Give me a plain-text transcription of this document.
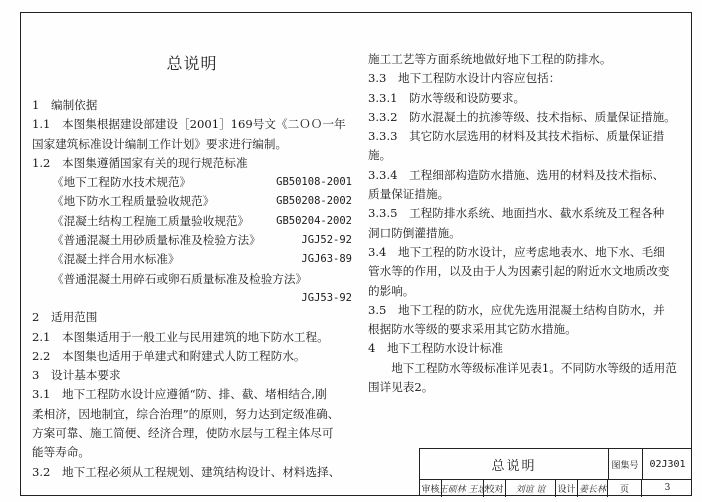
总说明
1　编制依据
1.1　本图集根据建设部建设［2001］169号文《二ＯＯ一年
国家建筑标准设计编制工作计划》要求进行编制。
1.2　本图集遵循国家有关的现行规范标准
《地下工程防水技术规范》	GB50108-2001
《地下防水工程质量验收规范》	GB50208-2002
《混凝土结构工程施工质量验收规范》	GB50204-2002
《普通混凝土用砂质量标准及检验方法》	JGJ52-92
《混凝土拌合用水标准》	JGJ63-89
《普通混凝土用碎石或卵石质量标准及检验方法》
JGJ53-92
2　适用范围
2.1　本图集适用于一般工业与民用建筑的地下防水工程。
2.2　本图集也适用于单建式和附建式人防工程防水。
3　设计基本要求
3.1　地下工程防水设计应遵循“防、排、截、堵相结合,刚
柔相济，因地制宜，综合治理”的原则，努力达到定级准确、
方案可靠、施工简便、经济合理，使防水层与工程主体尽可
能等寿命。
3.2　地下工程必须从工程规划、建筑结构设计、材料选择、
施工工艺等方面系统地做好地下工程的防排水。
3.3　地下工程防水设计内容应包括：
3.3.1　防水等级和设防要求。
3.3.2　防水混凝土的抗渗等级、技术指标、质量保证措施。
3.3.3　其它防水层选用的材料及其技术指标、质量保证措
施。
3.3.4　工程细部构造防水措施、选用的材料及技术指标、
质量保证措施。
3.3.5　工程防排水系统、地面挡水、截水系统及工程各种
洞口防倒灌措施。
3.4　地下工程的防水设计，应考虑地表水、地下水、毛细
管水等的作用，以及由于人为因素引起的附近水文地质改变
的影响。
3.5　地下工程的防水，应优先选用混凝土结构自防水，并
根据防水等级的要求采用其它防水措施。
4　地下工程防水设计标准
　　地下工程防水等级标准详见表1。不同防水等级的适用范
围详见表2。
总说明	图集号	02J301
审核 王硕林 王忠 校对	刘谊 谊	设计 姜长林	页	3
